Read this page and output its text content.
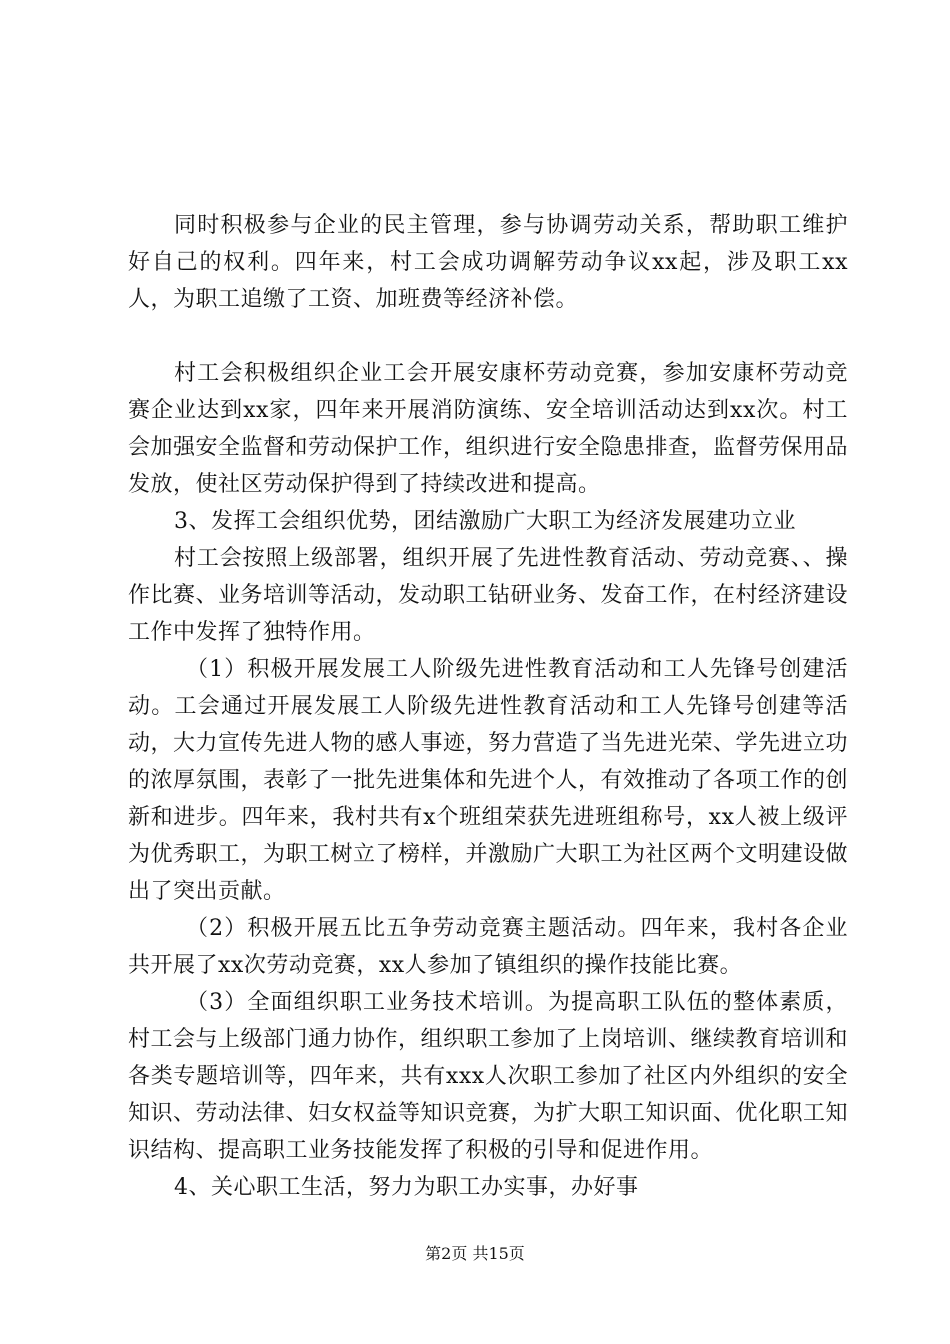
同时积极参与企业的民主管理，参与协调劳动关系，帮助职工维护好自己的权利。四年来，村工会成功调解劳动争议xx起，涉及职工xx人，为职工追缴了工资、加班费等经济补偿。

村工会积极组织企业工会开展安康杯劳动竞赛，参加安康杯劳动竞赛企业达到xx家，四年来开展消防演练、安全培训活动达到xx次。村工会加强安全监督和劳动保护工作，组织进行安全隐患排查，监督劳保用品发放，使社区劳动保护得到了持续改进和提高。

3、发挥工会组织优势，团结激励广大职工为经济发展建功立业

村工会按照上级部署，组织开展了先进性教育活动、劳动竞赛、、操作比赛、业务培训等活动，发动职工钻研业务、发奋工作，在村经济建设工作中发挥了独特作用。

（1）积极开展发展工人阶级先进性教育活动和工人先锋号创建活动。工会通过开展发展工人阶级先进性教育活动和工人先锋号创建等活动，大力宣传先进人物的感人事迹，努力营造了当先进光荣、学先进立功的浓厚氛围，表彰了一批先进集体和先进个人，有效推动了各项工作的创新和进步。四年来，我村共有x个班组荣获先进班组称号，xx人被上级评为优秀职工，为职工树立了榜样，并激励广大职工为社区两个文明建设做出了突出贡献。

（2）积极开展五比五争劳动竞赛主题活动。四年来，我村各企业共开展了xx次劳动竞赛，xx人参加了镇组织的操作技能比赛。

（3）全面组织职工业务技术培训。为提高职工队伍的整体素质，村工会与上级部门通力协作，组织职工参加了上岗培训、继续教育培训和各类专题培训等，四年来，共有xxx人次职工参加了社区内外组织的安全知识、劳动法律、妇女权益等知识竞赛，为扩大职工知识面、优化职工知识结构、提高职工业务技能发挥了积极的引导和促进作用。

4、关心职工生活，努力为职工办实事，办好事

第2页 共15页
